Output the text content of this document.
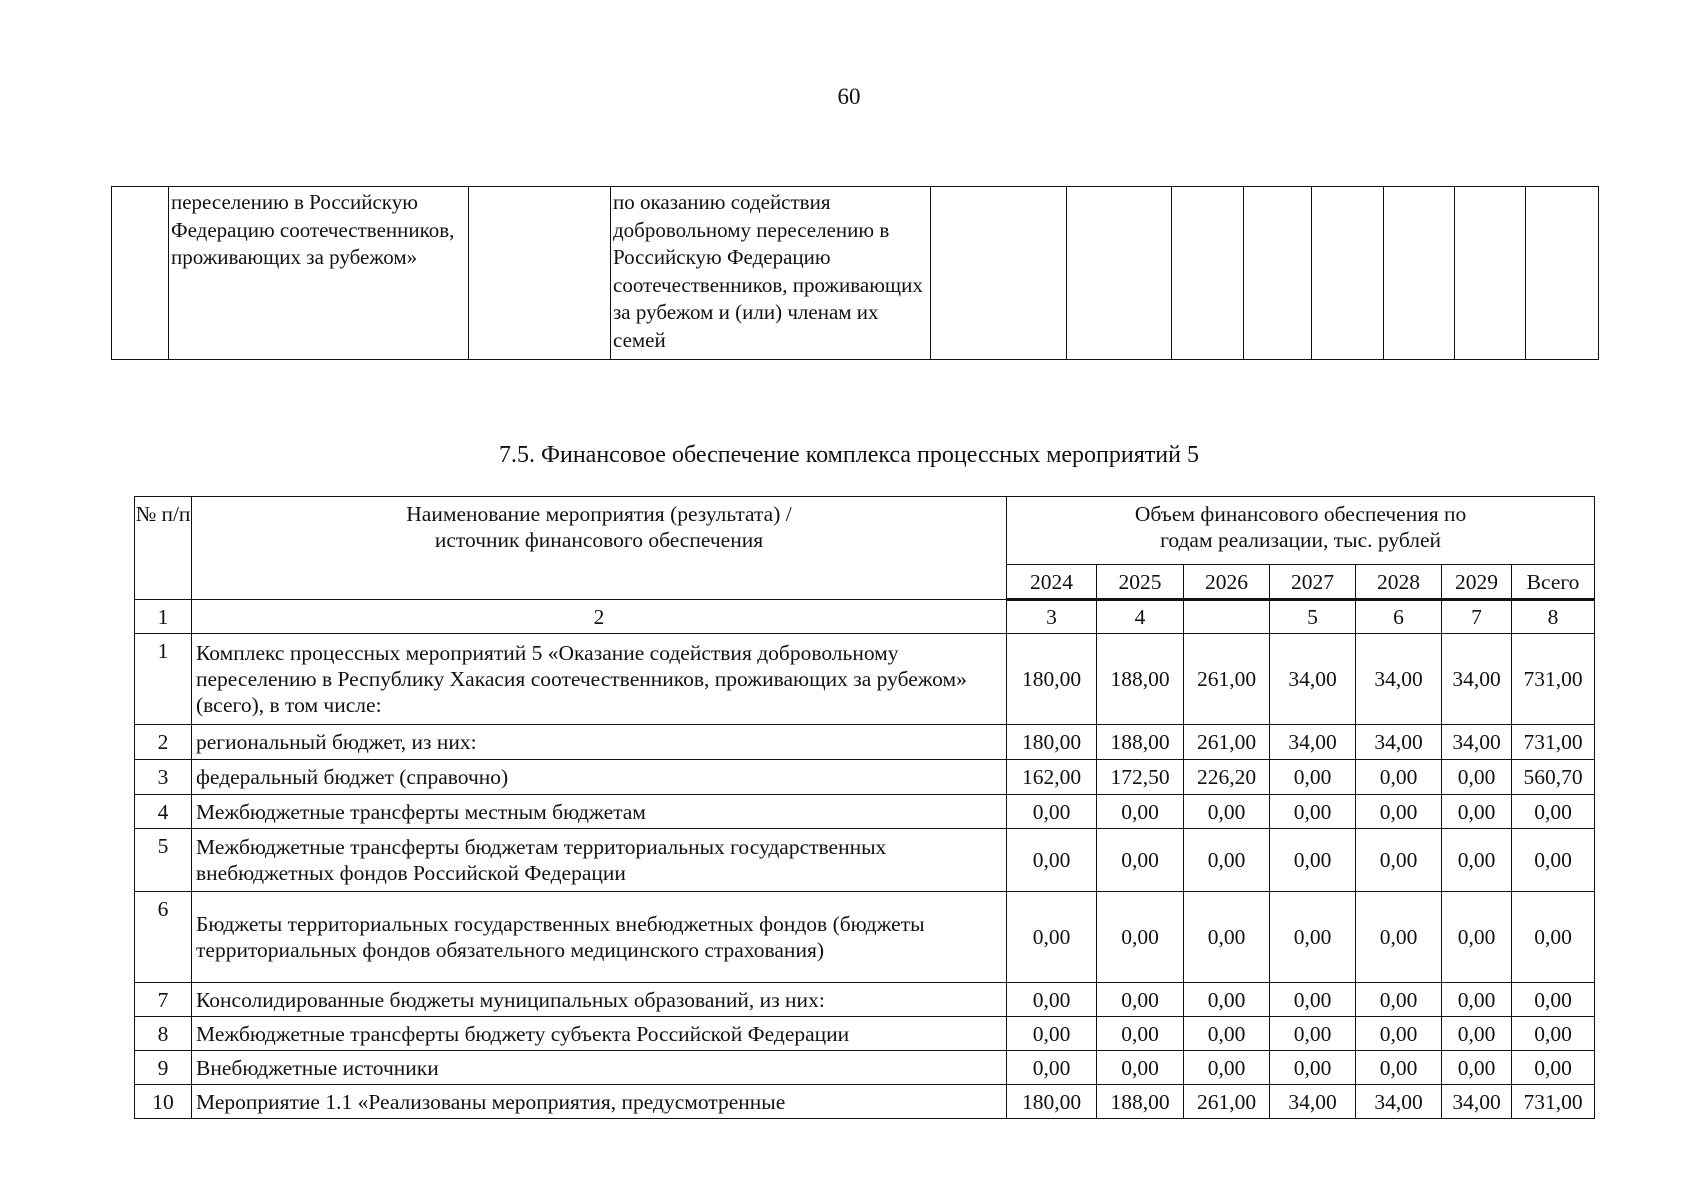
60
	переселению в Российскую Федерацию соотечественников, проживающих за рубежом»		по оказанию содействия добровольному переселению в Российскую Федерацию соотечественников, проживающих за рубежом и (или) членам их семей								
7.5. Финансовое обеспечение комплекса процессных мероприятий 5
№ п/п	Наименование мероприятия (результата) / источник финансового обеспечения	Объем финансового обеспечения по годам реализации, тыс. рублей						
		2024	2025	2026	2027	2028	2029	Всего
1	2	3	4		5	6	7	8
1	Комплекс процессных мероприятий 5 «Оказание содействия добровольному переселению в Республику Хакасия соотечественников, проживающих за рубежом» (всего), в том числе:	180,00	188,00	261,00	34,00	34,00	34,00	731,00
2	региональный бюджет, из них:	180,00	188,00	261,00	34,00	34,00	34,00	731,00
3	федеральный бюджет (справочно)	162,00	172,50	226,20	0,00	0,00	0,00	560,70
4	Межбюджетные трансферты местным бюджетам	0,00	0,00	0,00	0,00	0,00	0,00	0,00
5	Межбюджетные трансферты бюджетам территориальных государственных внебюджетных фондов Российской Федерации	0,00	0,00	0,00	0,00	0,00	0,00	0,00
6	Бюджеты территориальных государственных внебюджетных фондов (бюджеты территориальных фондов обязательного медицинского страхования)	0,00	0,00	0,00	0,00	0,00	0,00	0,00
7	Консолидированные бюджеты муниципальных образований, из них:	0,00	0,00	0,00	0,00	0,00	0,00	0,00
8	Межбюджетные трансферты бюджету субъекта Российской Федерации	0,00	0,00	0,00	0,00	0,00	0,00	0,00
9	Внебюджетные источники	0,00	0,00	0,00	0,00	0,00	0,00	0,00
10	Мероприятие 1.1 «Реализованы мероприятия, предусмотренные	180,00	188,00	261,00	34,00	34,00	34,00	731,00
